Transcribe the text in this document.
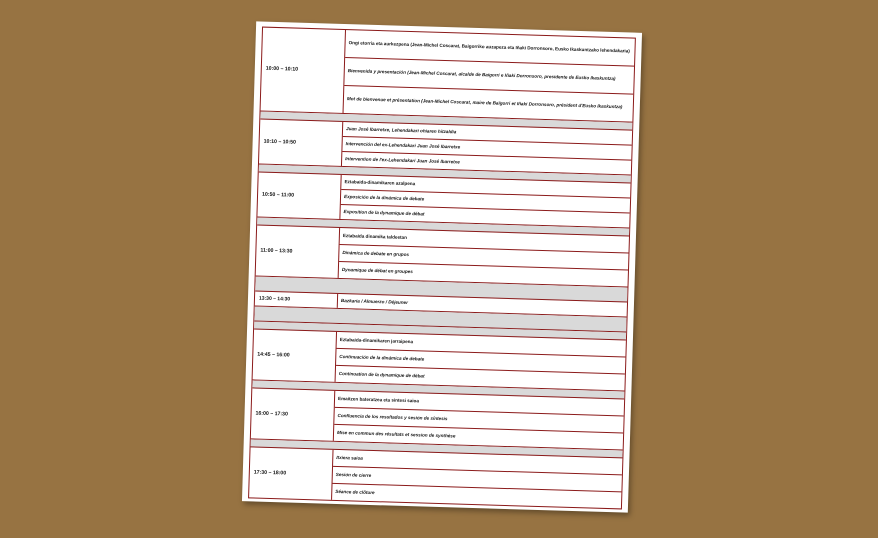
10:00 – 10:10
Ongi etorria eta aurkezpena (Jean-Michel Coscarat, Baigorriko auzapeza eta Iñaki Dorronsoro, Eusko Ikaskuntzako lehendakaria)
Bienvenida y presentación (Jean-Michel Coscarat, alcalde de Baigorri e Iñaki Dorronsoro, presidente de Eusko Ikaskuntza)
Mot de bienvenue et présentation (Jean-Michel Coscarat, maire de Baïgorri et Iñaki Dorronsoro, président d'Eusko Ikaskuntza)
10:10 – 10:50
Juan José Ibarretxe, Lehendakari ohiaren hitzaldia
Intervención del ex-Lehendakari Juan José Ibarretxe
Intervention de l'ex-Lehendakari Juan José Ibarretxe
10:50 – 11:00
Eztabaida-dinamikaren azalpena
Exposición de la dinámica de debate
Exposition de la dynamique de débat
11:00 – 13:30
Eztabaida dinamika taldeetan
Dinámica de debate en grupos
Dynamique de débat en groupes
13:30 – 14:30	Bazkaria / Almuerzo / Déjeuner
14:45 – 16:00
Eztabaida-dinamikaren jarraipena
Continuación de la dinámica de debate
Continuation de la dynamique de débat
16:00 – 17:30
Emaitzen bateratzea eta sintesi saioa
Confluencia de los resultados y sesión de síntesis
Mise en commun des résultats et session de synthèse
17:30 – 18:00
Itxiera saioa
Sesión de cierre
Séance de clôture
